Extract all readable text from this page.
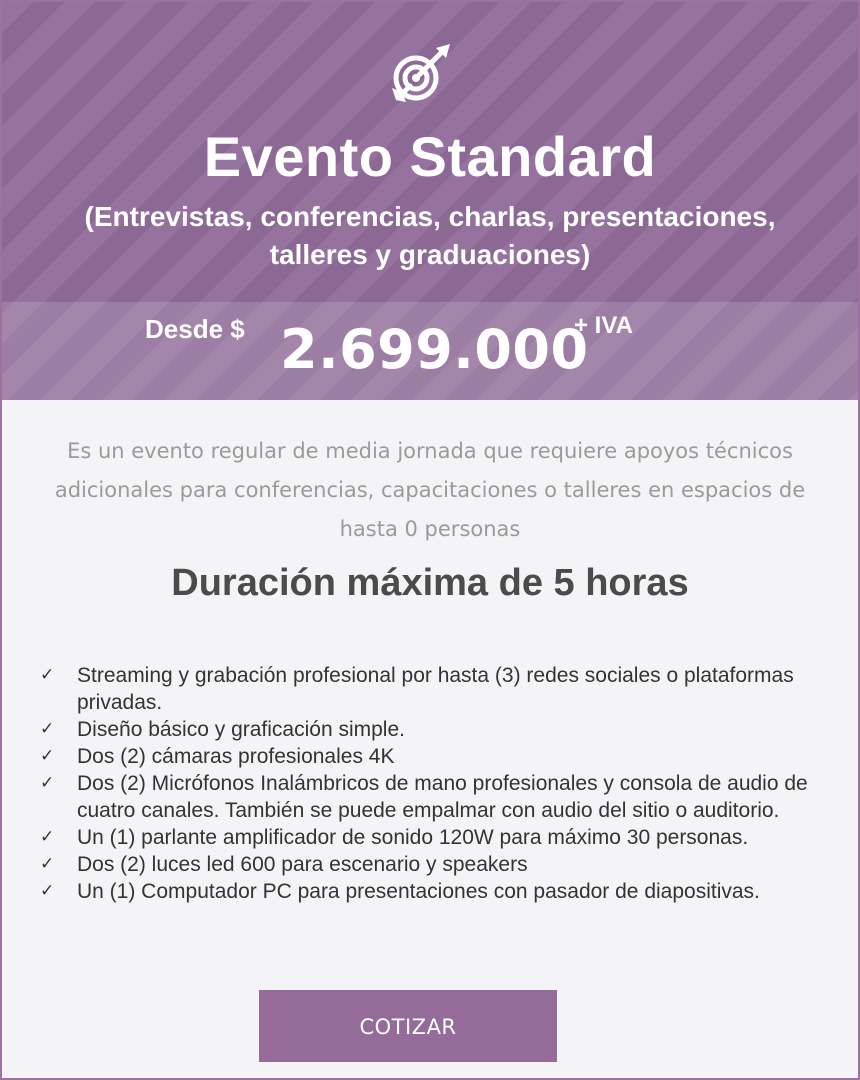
Evento Standard
(Entrevistas, conferencias, charlas, presentaciones, talleres y graduaciones)
Desde $ 2.699.000
+ IVA
Es un evento regular de media jornada que requiere apoyos técnicos adicionales para conferencias, capacitaciones o talleres en espacios de hasta 0 personas
Duración máxima de 5 horas
✓	Streaming y grabación profesional por hasta (3) redes sociales o plataformas privadas.
✓	Diseño básico y graficación simple.
✓	Dos (2) cámaras profesionales 4K
✓	Dos (2) Micrófonos Inalámbricos de mano profesionales y consola de audio de cuatro canales. También se puede empalmar con audio del sitio o auditorio.
✓	Un (1) parlante amplificador de sonido 120W para máximo 30 personas.
✓	Dos (2) luces led 600 para escenario y speakers
✓	Un (1) Computador PC para presentaciones con pasador de diapositivas.
COTIZAR
